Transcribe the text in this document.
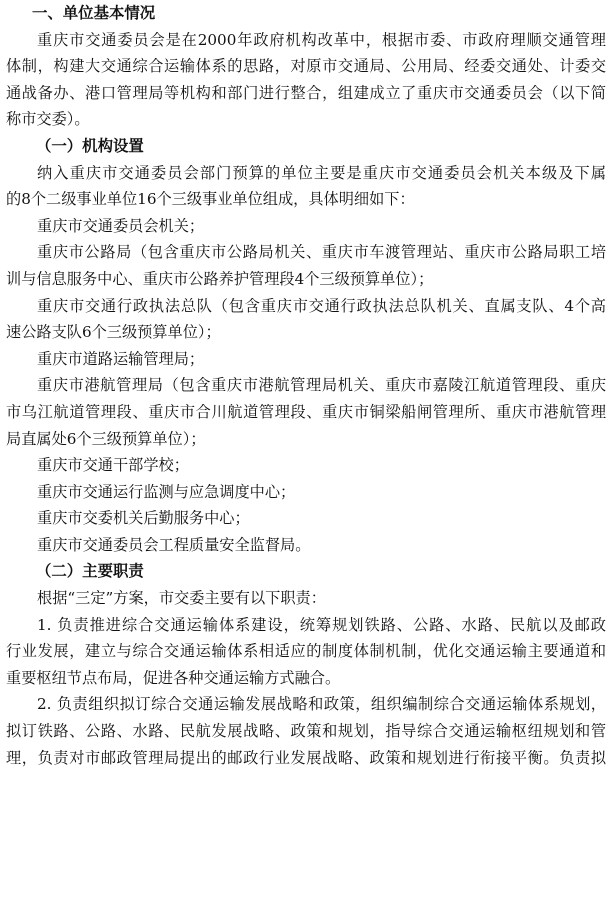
一、单位基本情况

重庆市交通委员会是在2000年政府机构改革中，根据市委、市政府理顺交通管理

体制，构建大交通综合运输体系的思路，对原市交通局、公用局、经委交通处、计委交

通战备办、港口管理局等机构和部门进行整合，组建成立了重庆市交通委员会（以下简

称市交委）。

（一）机构设置

纳入重庆市交通委员会部门预算的单位主要是重庆市交通委员会机关本级及下属

的8个二级事业单位16个三级事业单位组成，具体明细如下：

重庆市交通委员会机关；

重庆市公路局（包含重庆市公路局机关、重庆市车渡管理站、重庆市公路局职工培

训与信息服务中心、重庆市公路养护管理段4个三级预算单位）；

重庆市交通行政执法总队（包含重庆市交通行政执法总队机关、直属支队、4个高

速公路支队6个三级预算单位）；

重庆市道路运输管理局；

重庆市港航管理局（包含重庆市港航管理局机关、重庆市嘉陵江航道管理段、重庆

市乌江航道管理段、重庆市合川航道管理段、重庆市铜梁船闸管理所、重庆市港航管理

局直属处6个三级预算单位）；

重庆市交通干部学校；

重庆市交通运行监测与应急调度中心；

重庆市交委机关后勤服务中心；

重庆市交通委员会工程质量安全监督局。

（二）主要职责

根据“三定”方案，市交委主要有以下职责：

1. 负责推进综合交通运输体系建设，统筹规划铁路、公路、水路、民航以及邮政

行业发展，建立与综合交通运输体系相适应的制度体制机制，优化交通运输主要通道和

重要枢纽节点布局，促进各种交通运输方式融合。

2. 负责组织拟订综合交通运输发展战略和政策，组织编制综合交通运输体系规划，

拟订铁路、公路、水路、民航发展战略、政策和规划，指导综合交通运输枢纽规划和管

理，负责对市邮政管理局提出的邮政行业发展战略、政策和规划进行衔接平衡。负责拟
